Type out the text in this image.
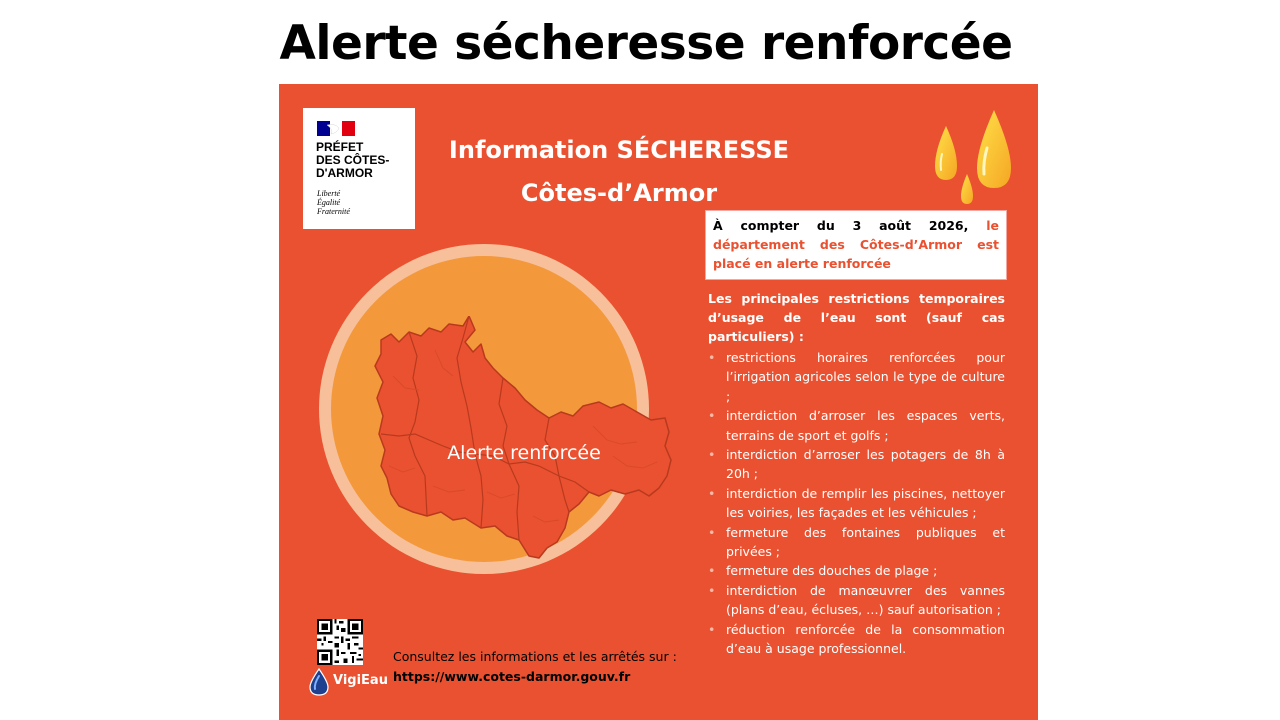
Alerte sécheresse renforcée
PRÉFET
DES CÔTES-
D'ARMOR
Liberté
Égalité
Fraternité
Information SÉCHERESSE
Côtes-d’Armor
À compter du 3 août 2026, le département des Côtes-d’Armor est placé en alerte renforcée
Les principales restrictions temporaires d’usage de l’eau sont (sauf cas particuliers) :
• restrictions horaires renforcées pour l’irrigation agricoles selon le type de culture ;
• interdiction d’arroser les espaces verts, terrains de sport et golfs ;
• interdiction d’arroser les potagers de 8h à 20h ;
• interdiction de remplir les piscines, nettoyer les voiries, les façades et les véhicules ;
• fermeture des fontaines publiques et privées ;
• fermeture des douches de plage ;
• interdiction de manœuvrer des vannes (plans d’eau, écluses, …) sauf autorisation ;
• réduction renforcée de la consommation d’eau à usage professionnel.
Alerte renforcée
VigiEau
Consultez les informations et les arrêtés sur : https://www.cotes-darmor.gouv.fr
